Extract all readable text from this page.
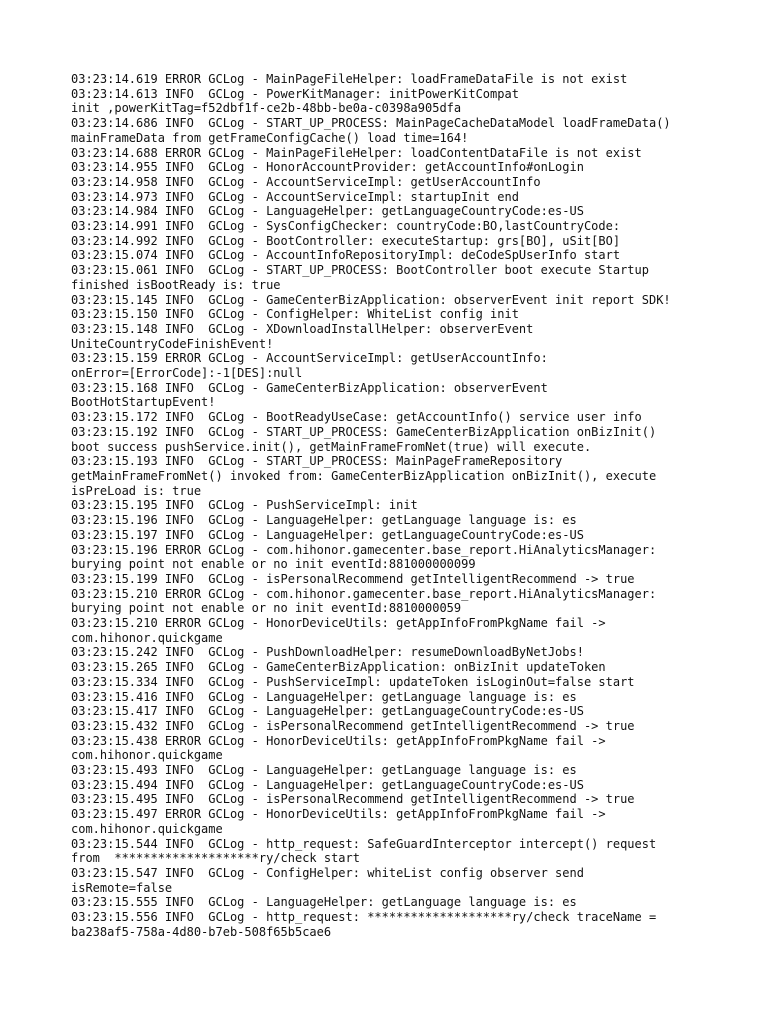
03:23:14.619 ERROR GCLog - MainPageFileHelper: loadFrameDataFile is not exist
03:23:14.613 INFO  GCLog - PowerKitManager: initPowerKitCompat
init ,powerKitTag=f52dbf1f-ce2b-48bb-be0a-c0398a905dfa
03:23:14.686 INFO  GCLog - START_UP_PROCESS: MainPageCacheDataModel loadFrameData()
mainFrameData from getFrameConfigCache() load time=164!
03:23:14.688 ERROR GCLog - MainPageFileHelper: loadContentDataFile is not exist
03:23:14.955 INFO  GCLog - HonorAccountProvider: getAccountInfo#onLogin
03:23:14.958 INFO  GCLog - AccountServiceImpl: getUserAccountInfo
03:23:14.973 INFO  GCLog - AccountServiceImpl: startupInit end
03:23:14.984 INFO  GCLog - LanguageHelper: getLanguageCountryCode:es-US
03:23:14.991 INFO  GCLog - SysConfigChecker: countryCode:BO,lastCountryCode:
03:23:14.992 INFO  GCLog - BootController: executeStartup: grs[BO], uSit[BO]
03:23:15.074 INFO  GCLog - AccountInfoRepositoryImpl: deCodeSpUserInfo start
03:23:15.061 INFO  GCLog - START_UP_PROCESS: BootController boot execute Startup
finished isBootReady is: true
03:23:15.145 INFO  GCLog - GameCenterBizApplication: observerEvent init report SDK!
03:23:15.150 INFO  GCLog - ConfigHelper: WhiteList config init
03:23:15.148 INFO  GCLog - XDownloadInstallHelper: observerEvent
UniteCountryCodeFinishEvent!
03:23:15.159 ERROR GCLog - AccountServiceImpl: getUserAccountInfo:
onError=[ErrorCode]:-1[DES]:null
03:23:15.168 INFO  GCLog - GameCenterBizApplication: observerEvent
BootHotStartupEvent!
03:23:15.172 INFO  GCLog - BootReadyUseCase: getAccountInfo() service user info
03:23:15.192 INFO  GCLog - START_UP_PROCESS: GameCenterBizApplication onBizInit()
boot success pushService.init(), getMainFrameFromNet(true) will execute.
03:23:15.193 INFO  GCLog - START_UP_PROCESS: MainPageFrameRepository
getMainFrameFromNet() invoked from: GameCenterBizApplication onBizInit(), execute
isPreLoad is: true
03:23:15.195 INFO  GCLog - PushServiceImpl: init
03:23:15.196 INFO  GCLog - LanguageHelper: getLanguage language is: es
03:23:15.197 INFO  GCLog - LanguageHelper: getLanguageCountryCode:es-US
03:23:15.196 ERROR GCLog - com.hihonor.gamecenter.base_report.HiAnalyticsManager:
burying point not enable or no init eventId:881000000099
03:23:15.199 INFO  GCLog - isPersonalRecommend getIntelligentRecommend -> true
03:23:15.210 ERROR GCLog - com.hihonor.gamecenter.base_report.HiAnalyticsManager:
burying point not enable or no init eventId:8810000059
03:23:15.210 ERROR GCLog - HonorDeviceUtils: getAppInfoFromPkgName fail ->
com.hihonor.quickgame
03:23:15.242 INFO  GCLog - PushDownloadHelper: resumeDownloadByNetJobs!
03:23:15.265 INFO  GCLog - GameCenterBizApplication: onBizInit updateToken
03:23:15.334 INFO  GCLog - PushServiceImpl: updateToken isLoginOut=false start
03:23:15.416 INFO  GCLog - LanguageHelper: getLanguage language is: es
03:23:15.417 INFO  GCLog - LanguageHelper: getLanguageCountryCode:es-US
03:23:15.432 INFO  GCLog - isPersonalRecommend getIntelligentRecommend -> true
03:23:15.438 ERROR GCLog - HonorDeviceUtils: getAppInfoFromPkgName fail ->
com.hihonor.quickgame
03:23:15.493 INFO  GCLog - LanguageHelper: getLanguage language is: es
03:23:15.494 INFO  GCLog - LanguageHelper: getLanguageCountryCode:es-US
03:23:15.495 INFO  GCLog - isPersonalRecommend getIntelligentRecommend -> true
03:23:15.497 ERROR GCLog - HonorDeviceUtils: getAppInfoFromPkgName fail ->
com.hihonor.quickgame
03:23:15.544 INFO  GCLog - http_request: SafeGuardInterceptor intercept() request
from  ********************ry/check start
03:23:15.547 INFO  GCLog - ConfigHelper: whiteList config observer send
isRemote=false
03:23:15.555 INFO  GCLog - LanguageHelper: getLanguage language is: es
03:23:15.556 INFO  GCLog - http_request: ********************ry/check traceName =
ba238af5-758a-4d80-b7eb-508f65b5cae6
